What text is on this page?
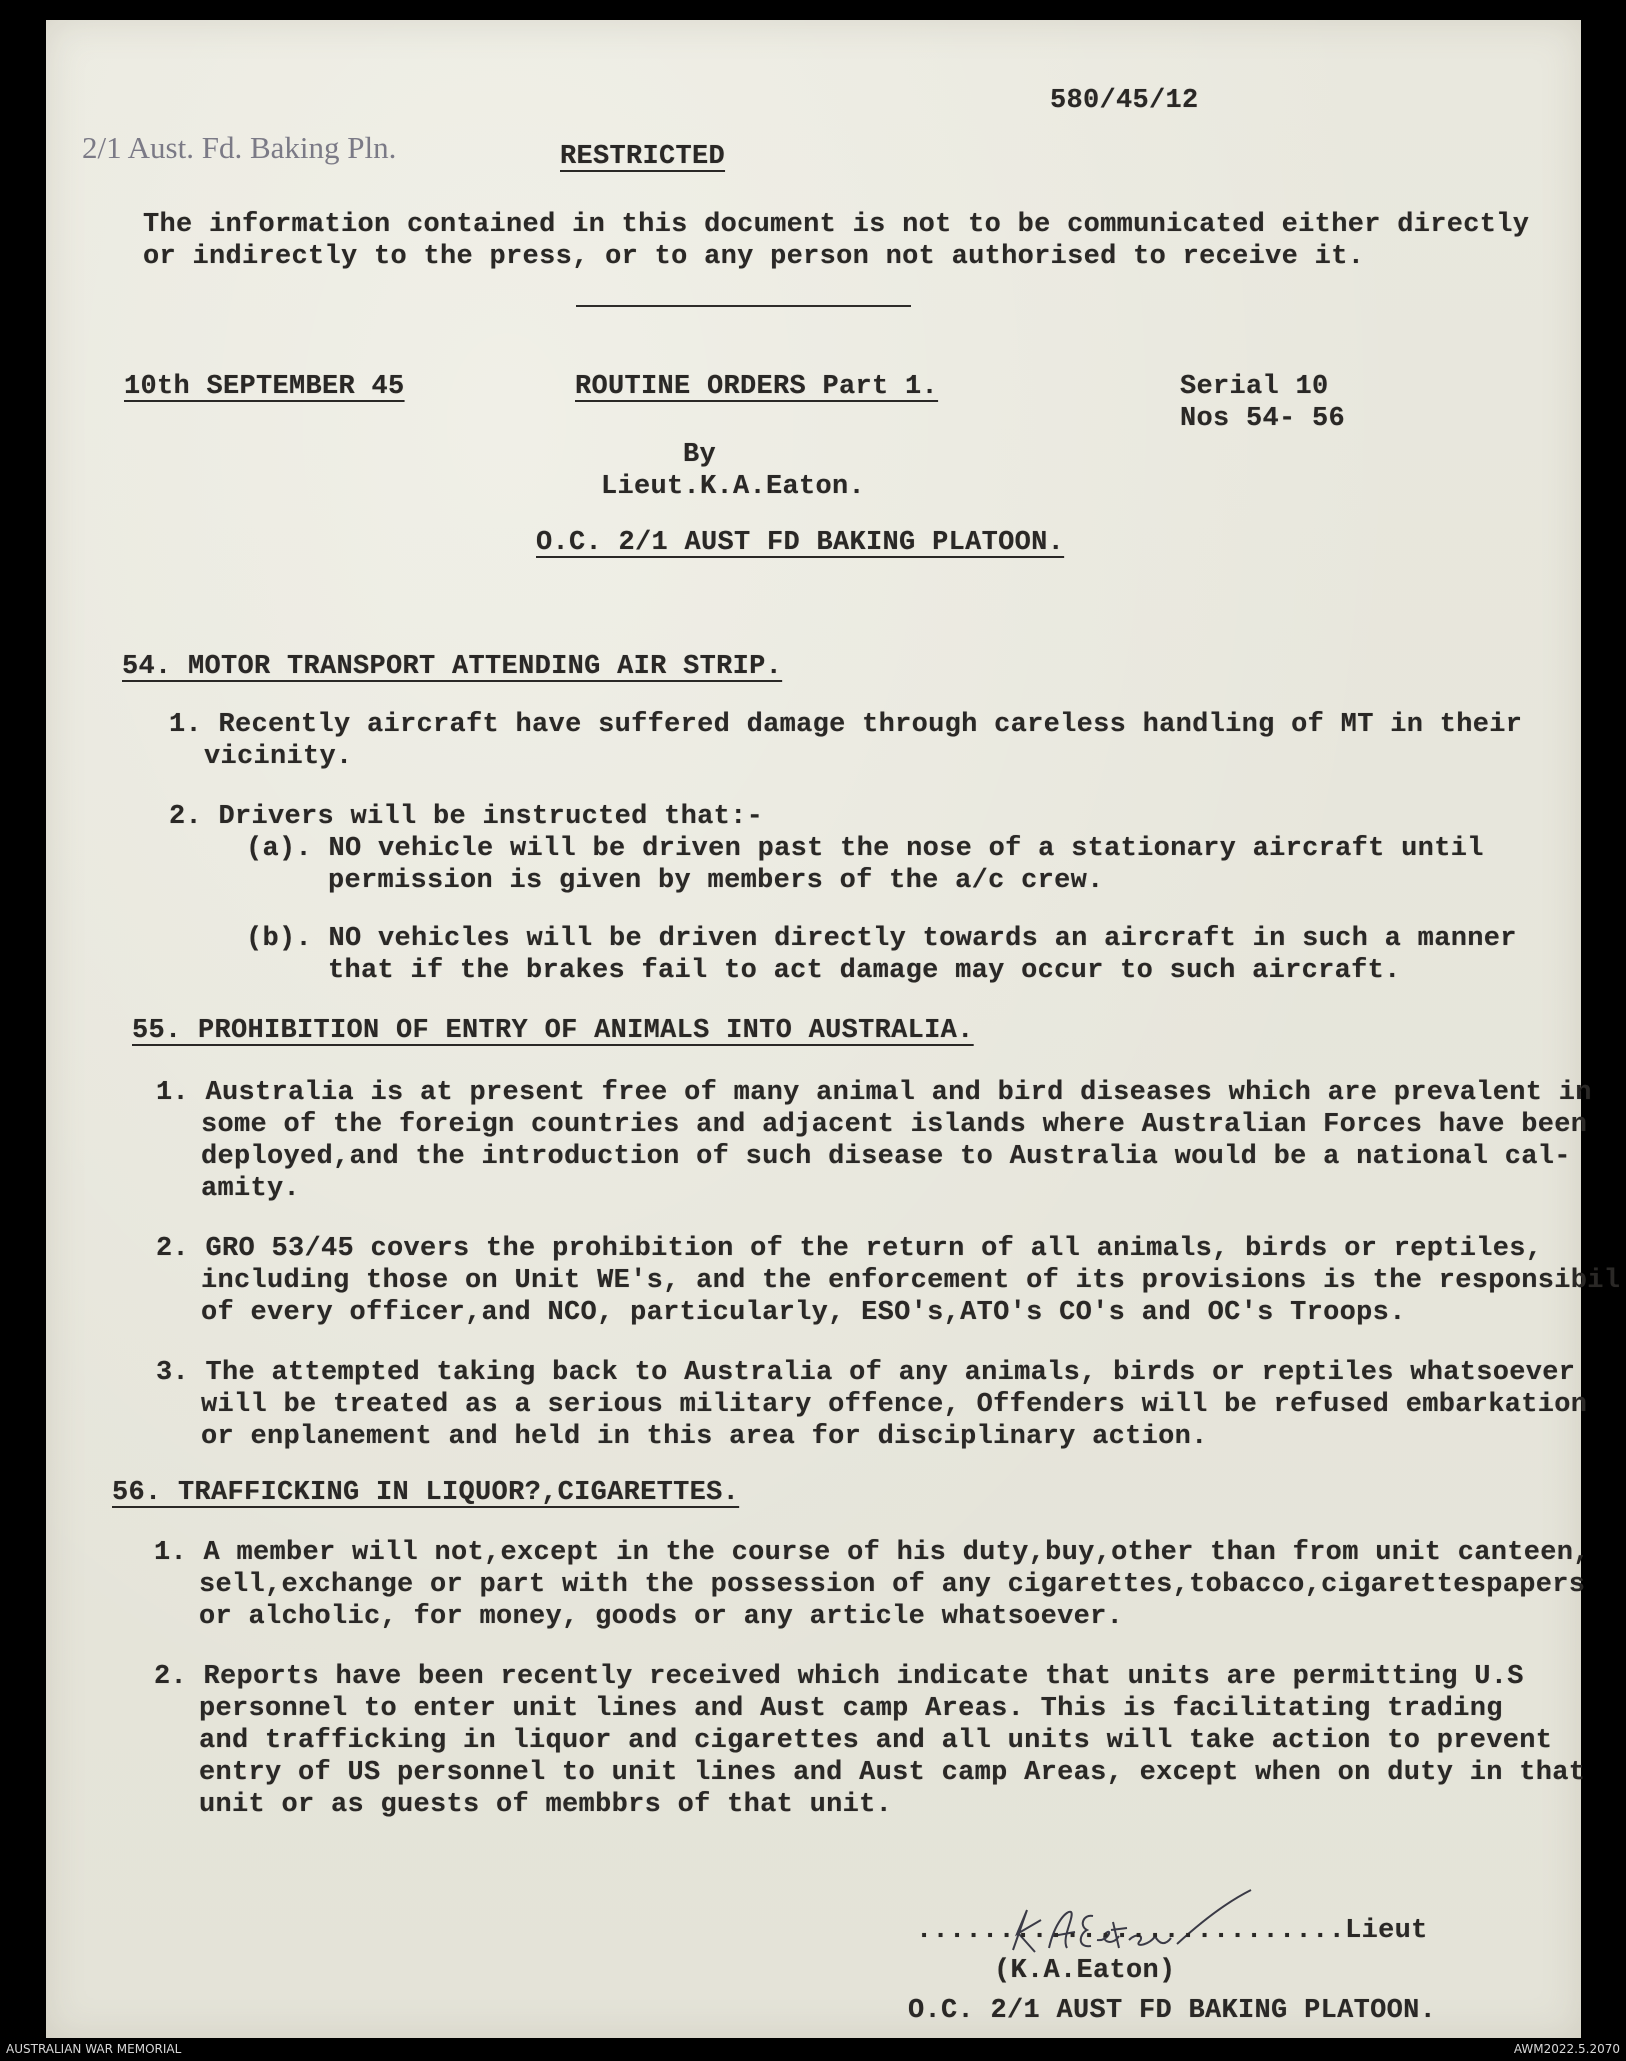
580/45/12
2/1 Aust. Fd. Baking Pln.	RESTRICTED
The information contained in this document is not to be communicated either directly
or indirectly to the press, or to any person not authorised to receive it.
10th SEPTEMBER 45	ROUTINE ORDERS Part 1.	Serial 10
Nos 54- 56
By
Lieut.K.A.Eaton.
O.C. 2/1 AUST FD BAKING PLATOON.
54. MOTOR TRANSPORT ATTENDING AIR STRIP.
1. Recently aircraft have suffered damage through careless handling of MT in their
vicinity.
2. Drivers will be instructed that:-
(a). NO vehicle will be driven past the nose of a stationary aircraft until
permission is given by members of the a/c crew.
(b). NO vehicles will be driven directly towards an aircraft in such a manner
that if the brakes fail to act damage may occur to such aircraft.
55. PROHIBITION OF ENTRY OF ANIMALS INTO AUSTRALIA.
1. Australia is at present free of many animal and bird diseases which are prevalent in
some of the foreign countries and adjacent islands where Australian Forces have been
deployed,and the introduction of such disease to Australia would be a national cal-
amity.
2. GRO 53/45 covers the prohibition of the return of all animals, birds or reptiles,
including those on Unit WE's, and the enforcement of its provisions is the responsibil
of every officer,and NCO, particularly, ESO's,ATO's CO's and OC's Troops.
3. The attempted taking back to Australia of any animals, birds or reptiles whatsoever
will be treated as a serious military offence, Offenders will be refused embarkation
or enplanement and held in this area for disciplinary action.
56. TRAFFICKING IN LIQUOR?,CIGARETTES.
1. A member will not,except in the course of his duty,buy,other than from unit canteen,
sell,exchange or part with the possession of any cigarettes,tobacco,cigarettespapers
or alcholic, for money, goods or any article whatsoever.
2. Reports have been recently received which indicate that units are permitting U.S
personnel to enter unit lines and Aust camp Areas. This is facilitating trading
and trafficking in liquor and cigarettes and all units will take action to prevent
entry of US personnel to unit lines and Aust camp Areas, except when on duty in that
unit or as guests of membbrs of that unit.
..........................Lieut
(K.A.Eaton)
O.C. 2/1 AUST FD BAKING PLATOON.
AUSTRALIAN WAR MEMORIAL	AWM2022.5.2070
